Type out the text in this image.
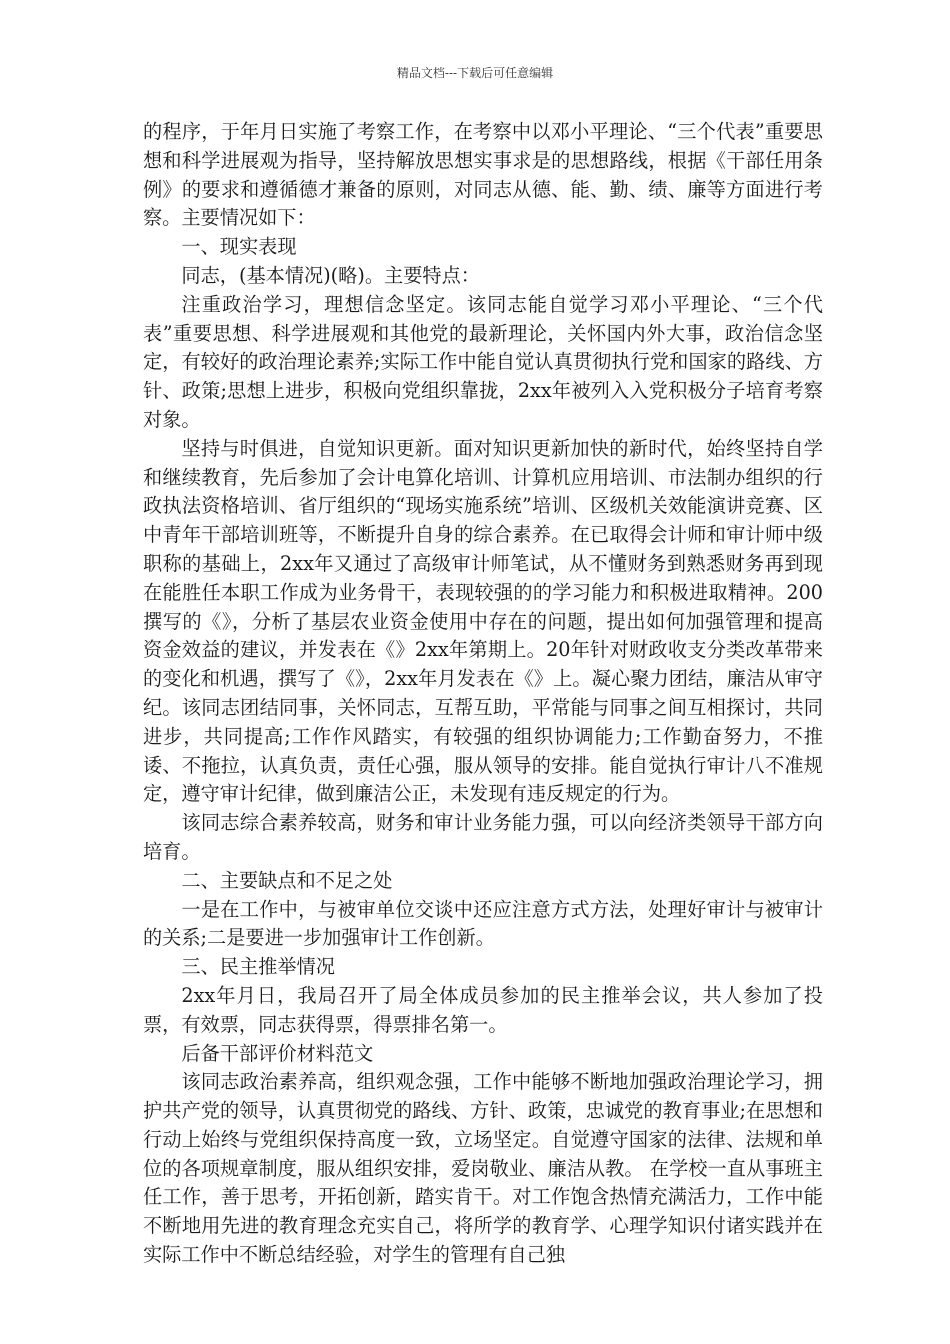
精品文档---下载后可任意编辑

的程序，于年月日实施了考察工作，在考察中以邓小平理论、“三个代表”重要思想和科学进展观为指导，坚持解放思想实事求是的思想路线，根据《干部任用条例》的要求和遵循德才兼备的原则，对同志从德、能、勤、绩、廉等方面进行考察。主要情况如下：

一、现实表现

同志，(基本情况)(略)。主要特点：

注重政治学习，理想信念坚定。该同志能自觉学习邓小平理论、“三个代表”重要思想、科学进展观和其他党的最新理论，关怀国内外大事，政治信念坚定，有较好的政治理论素养;实际工作中能自觉认真贯彻执行党和国家的路线、方针、政策;思想上进步，积极向党组织靠拢，2xx年被列入入党积极分子培育考察对象。

坚持与时俱进，自觉知识更新。面对知识更新加快的新时代，始终坚持自学和继续教育，先后参加了会计电算化培训、计算机应用培训、市法制办组织的行政执法资格培训、省厅组织的“现场实施系统”培训、区级机关效能演讲竞赛、区中青年干部培训班等，不断提升自身的综合素养。在已取得会计师和审计师中级职称的基础上，2xx年又通过了高级审计师笔试，从不懂财务到熟悉财务再到现在能胜任本职工作成为业务骨干，表现较强的的学习能力和积极进取精神。200撰写的《》，分析了基层农业资金使用中存在的问题，提出如何加强管理和提高资金效益的建议，并发表在《》2xx年第期上。20年针对财政收支分类改革带来的变化和机遇，撰写了《》，2xx年月发表在《》上。凝心聚力团结，廉洁从审守纪。该同志团结同事，关怀同志，互帮互助，平常能与同事之间互相探讨，共同进步，共同提高;工作作风踏实，有较强的组织协调能力;工作勤奋努力，不推诿、不拖拉，认真负责，责任心强，服从领导的安排。能自觉执行审计八不准规定，遵守审计纪律，做到廉洁公正，未发现有违反规定的行为。

该同志综合素养较高，财务和审计业务能力强，可以向经济类领导干部方向培育。

二、主要缺点和不足之处

一是在工作中，与被审单位交谈中还应注意方式方法，处理好审计与被审计的关系;二是要进一步加强审计工作创新。

三、民主推举情况

2xx年月日，我局召开了局全体成员参加的民主推举会议，共人参加了投票，有效票，同志获得票，得票排名第一。

后备干部评价材料范文

该同志政治素养高，组织观念强，工作中能够不断地加强政治理论学习，拥护共产党的领导，认真贯彻党的路线、方针、政策，忠诚党的教育事业;在思想和行动上始终与党组织保持高度一致，立场坚定。自觉遵守国家的法律、法规和单位的各项规章制度，服从组织安排，爱岗敬业、廉洁从教。 在学校一直从事班主任工作，善于思考，开拓创新，踏实肯干。对工作饱含热情充满活力，工作中能不断地用先进的教育理念充实自己，将所学的教育学、心理学知识付诸实践并在实际工作中不断总结经验，对学生的管理有自己独
